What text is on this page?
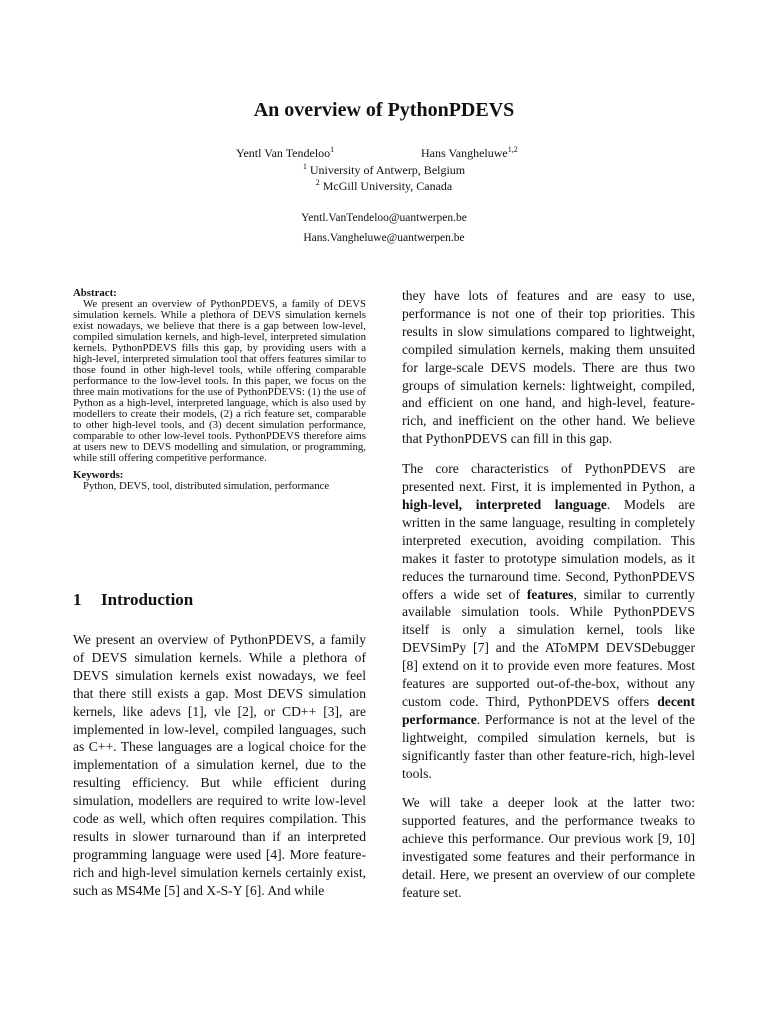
An overview of PythonPDEVS
Yentl Van Tendeloo$^1$	Hans Vangheluwe$^{1,2}$
$^1$ University of Antwerp, Belgium
$^2$ McGill University, Canada
Yentl.VanTendeloo@uantwerpen.be
Hans.Vangheluwe@uantwerpen.be
Abstract:

We present an overview of PythonPDEVS, a family of DEVS simulation kernels. While a plethora of DEVS simulation kernels exist nowadays, we believe that there is a gap between low-level, compiled simulation kernels, and high-level, interpreted simulation kernels. PythonPDEVS fills this gap, by providing users with a high-level, interpreted simulation tool that offers features similar to those found in other high-level tools, while offering comparable performance to the low-level tools. In this paper, we focus on the three main motivations for the use of PythonPDEVS: (1) the use of Python as a high-level, interpreted language, which is also used by modellers to create their models, (2) a rich feature set, comparable to other high-level tools, and (3) decent simulation performance, comparable to other low-level tools. PythonPDEVS therefore aims at users new to DEVS modelling and simulation, or programming, while still offering competitive performance.

Keywords:

Python, DEVS, tool, distributed simulation, performance

1 Introduction

We present an overview of PythonPDEVS, a family of DEVS simulation kernels. While a plethora of DEVS simulation kernels exist nowadays, we feel that there still exists a gap. Most DEVS simulation kernels, like adevs [1], vle [2], or CD++ [3], are implemented in low-level, compiled languages, such as C++. These languages are a logical choice for the implementation of a simulation kernel, due to the resulting efficiency. But while efficient during simulation, modellers are required to write low-level code as well, which often requires compilation. This results in slower turnaround than if an interpreted programming language were used [4]. More feature-rich and high-level simulation kernels certainly exist, such as MS4Me [5] and X-S-Y [6]. And while

they have lots of features and are easy to use, performance is not one of their top priorities. This results in slow simulations compared to lightweight, compiled simulation kernels, making them unsuited for large-scale DEVS models. There are thus two groups of simulation kernels: lightweight, compiled, and efficient on one hand, and high-level, feature-rich, and inefficient on the other hand. We believe that PythonPDEVS can fill in this gap.

The core characteristics of PythonPDEVS are presented next. First, it is implemented in Python, a high-level, interpreted language. Models are written in the same language, resulting in completely interpreted execution, avoiding compilation. This makes it faster to prototype simulation models, as it reduces the turnaround time. Second, PythonPDEVS offers a wide set of features, similar to currently available simulation tools. While PythonPDEVS itself is only a simulation kernel, tools like DEVSimPy [7] and the AToMPM DEVSDebugger [8] extend on it to provide even more features. Most features are supported out-of-the-box, without any custom code. Third, PythonPDEVS offers decent performance. Performance is not at the level of the lightweight, compiled simulation kernels, but is significantly faster than other feature-rich, high-level tools.

We will take a deeper look at the latter two: supported features, and the performance tweaks to achieve this performance. Our previous work [9, 10] investigated some features and their performance in detail. Here, we present an overview of our complete feature set.
